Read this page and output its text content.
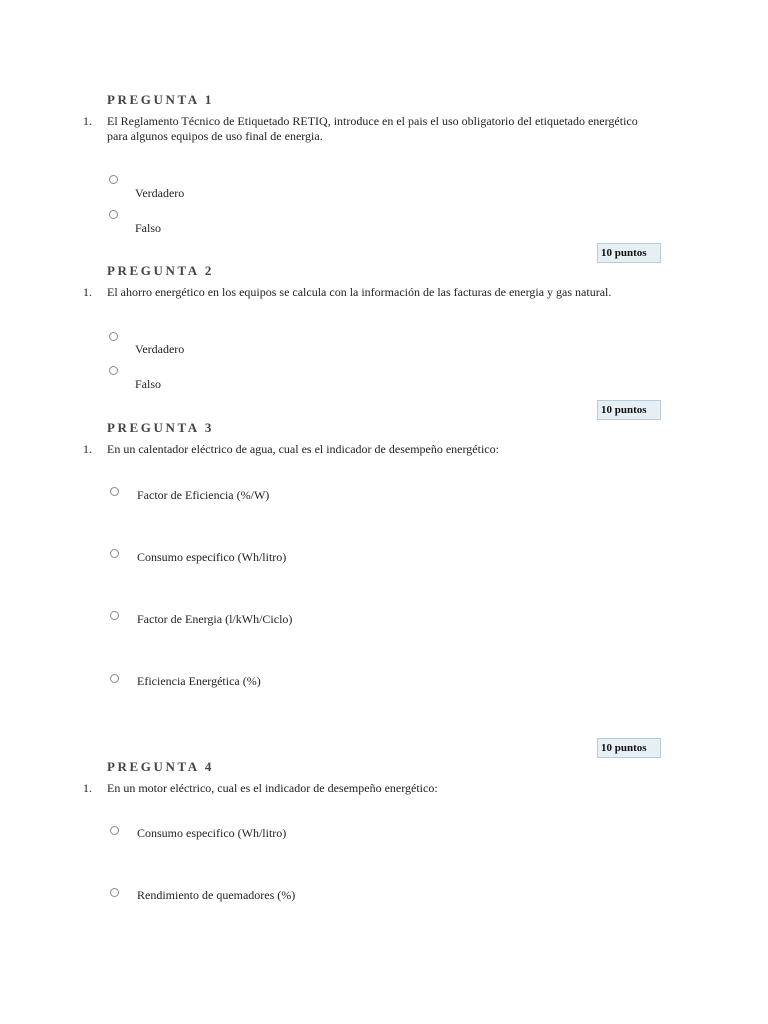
PREGUNTA 1
1. El Reglamento Técnico de Etiquetado RETIQ, introduce en el pais el uso obligatorio del etiquetado energético para algunos equipos de uso final de energia.
Verdadero
Falso
10 puntos
PREGUNTA 2
1. El ahorro energético en los equipos se calcula con la información de las facturas de energia y gas natural.
Verdadero
Falso
10 puntos
PREGUNTA 3
1. En un calentador eléctrico de agua, cual es el indicador de desempeño energético:
Factor de Eficiencia (%/W)
Consumo especifico (Wh/litro)
Factor de Energia (l/kWh/Ciclo)
Eficiencia Energética (%)
10 puntos
PREGUNTA 4
1. En un motor eléctrico, cual es el indicador de desempeño energético:
Consumo especifico (Wh/litro)
Rendimiento de quemadores (%)
